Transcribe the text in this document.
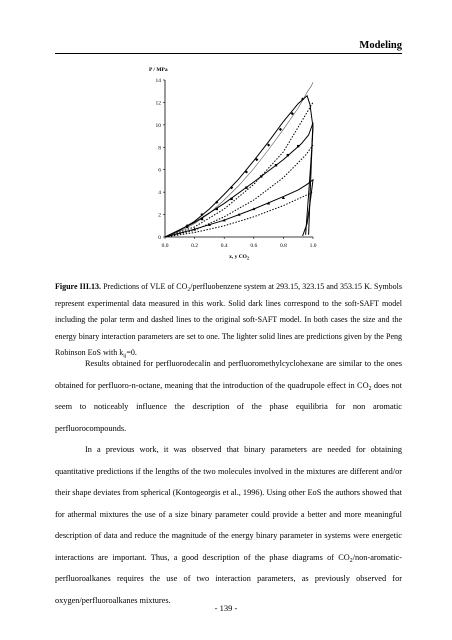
Modeling
0
2
4
6
8
10
12
14
0.0	0.2	0.4	0.6	0.8	1.0
P / MPa
x, y $CO_2$
Figure III.13. Predictions of VLE of $CO_2$/perfluobenzene system at 293.15, 323.15 and 353.15 K. Symbols represent experimental data measured in this work. Solid dark lines correspond to the soft-SAFT model including the polar term and dashed lines to the original soft-SAFT model. In both cases the size and the energy binary interaction parameters are set to one. The lighter solid lines are predictions given by the Peng Robinson EoS with $k_{ij}=0$.

Results obtained for perfluorodecalin and perfluoromethylcyclohexane are similar to the ones obtained for perfluoro-n-octane, meaning that the introduction of the quadrupole effect in $CO_2$ does not seem to noticeably influence the description of the phase equilibria for non aromatic perfluorocompounds.

In a previous work, it was observed that binary parameters are needed for obtaining quantitative predictions if the lengths of the two molecules involved in the mixtures are different and/or their shape deviates from spherical (Kontogeorgis et al., 1996). Using other EoS the authors showed that for athermal mixtures the use of a size binary parameter could provide a better and more meaningful description of data and reduce the magnitude of the energy binary parameter in systems were energetic interactions are important. Thus, a good description of the phase diagrams of $CO_2/non-aromatic$-perfluoroalkanes requires the use of two interaction parameters, as previously observed for oxygen/perfluoroalkanes mixtures.

- 139 -
